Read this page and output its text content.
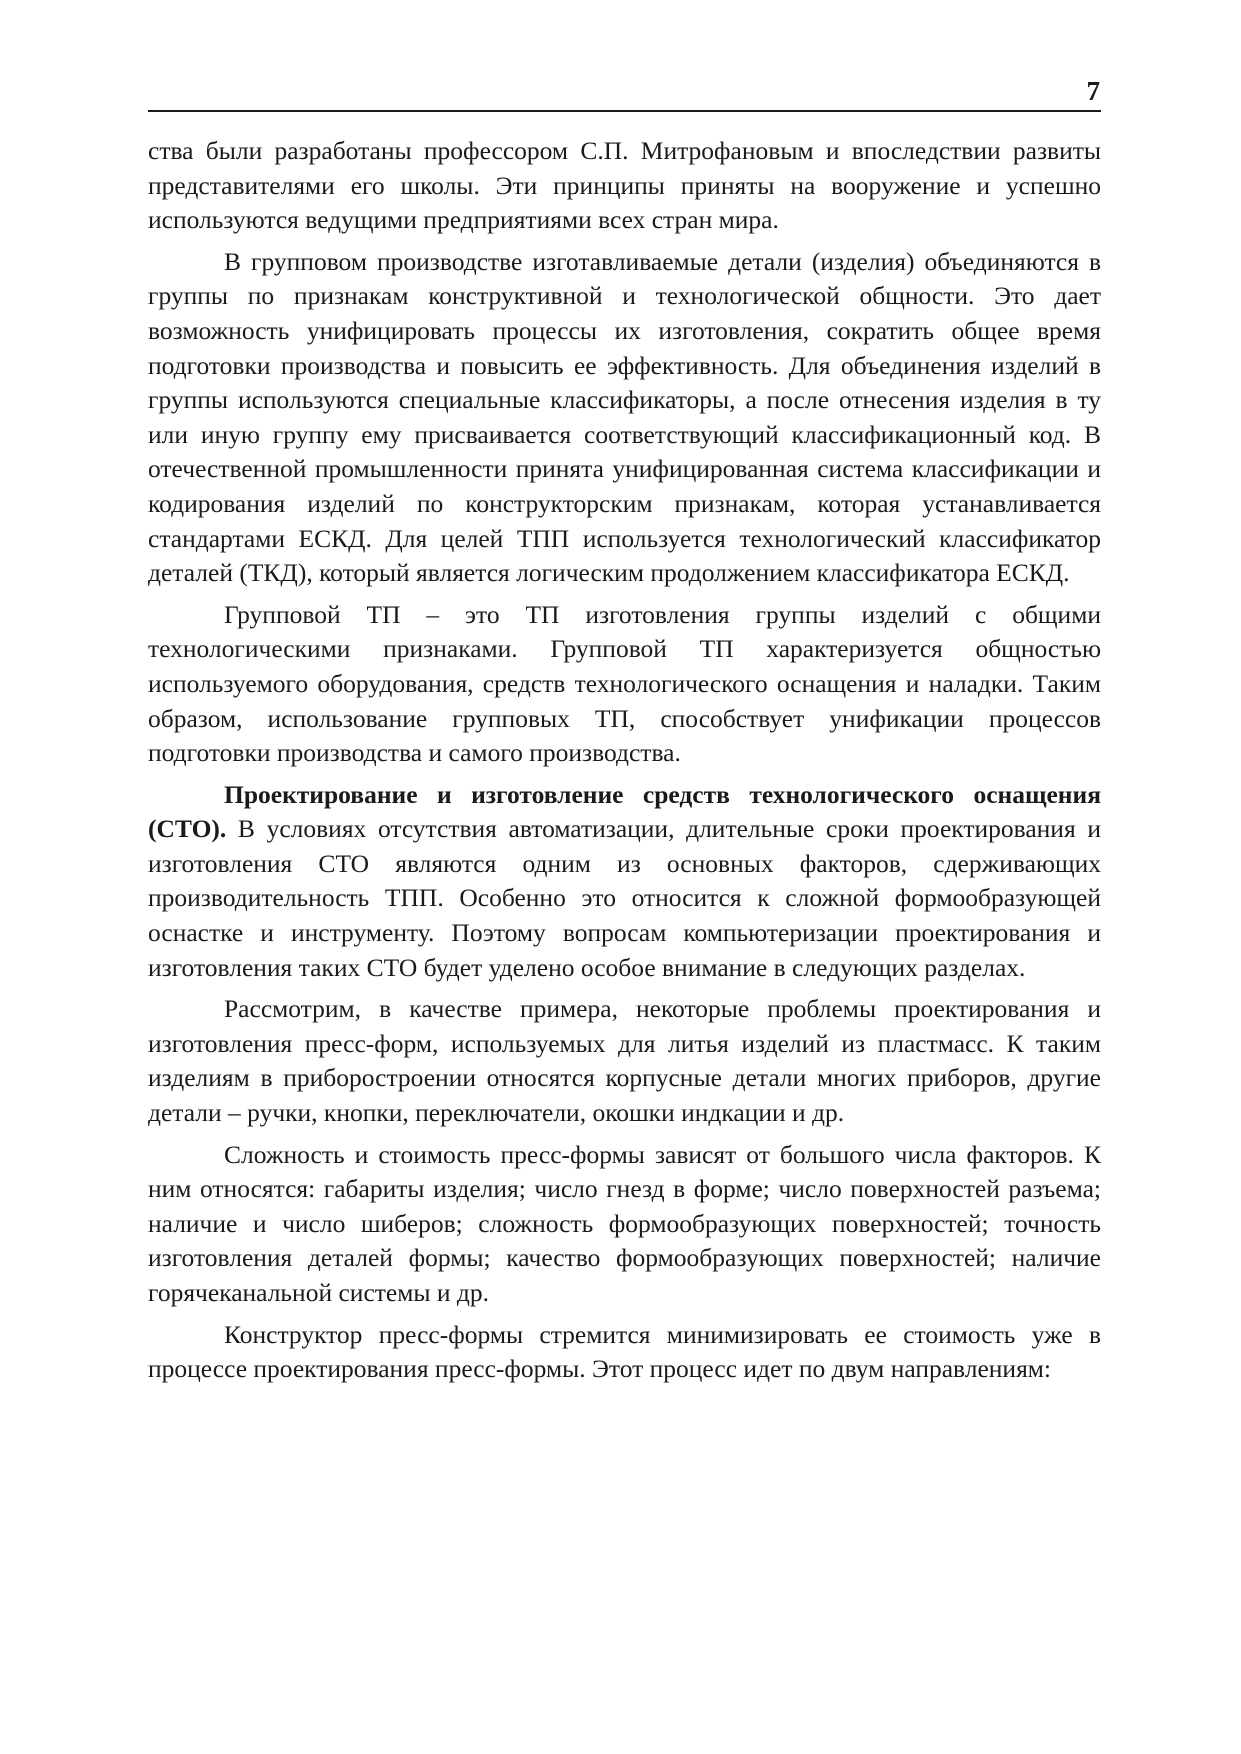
7

ства были разработаны профессором С.П. Митрофановым и впоследствии развиты представителями его школы. Эти принципы приняты на вооружение и успешно используются ведущими предприятиями всех стран мира.

В групповом производстве изготавливаемые детали (изделия) объединяются в группы по признакам конструктивной и технологической общности. Это дает возможность унифицировать процессы их изготовления, сократить общее время подготовки производства и повысить ее эффективность. Для объединения изделий в группы используются специальные классификаторы, а после отнесения изделия в ту или иную группу ему присваивается соответствующий классификационный код. В отечественной промышленности принята унифицированная система классификации и кодирования изделий по конструкторским признакам, которая устанавливается стандартами ЕСКД. Для целей ТПП используется технологический классификатор деталей (ТКД), который является логическим продолжением классификатора ЕСКД.

Групповой ТП – это ТП изготовления группы изделий с общими технологическими признаками. Групповой ТП характеризуется общностью используемого оборудования, средств технологического оснащения и наладки. Таким образом, использование групповых ТП, способствует унификации процессов подготовки производства и самого производства.

Проектирование и изготовление средств технологического оснащения (СТО). В условиях отсутствия автоматизации, длительные сроки проектирования и изготовления СТО являются одним из основных факторов, сдерживающих производительность ТПП. Особенно это относится к сложной формообразующей оснастке и инструменту. Поэтому вопросам компьютеризации проектирования и изготовления таких СТО будет уделено особое внимание в следующих разделах.

Рассмотрим, в качестве примера, некоторые проблемы проектирования и изготовления пресс-форм, используемых для литья изделий из пластмасс. К таким изделиям в приборостроении относятся корпусные детали многих приборов, другие детали – ручки, кнопки, переключатели, окошки индкации и др.

Сложность и стоимость пресс-формы зависят от большого числа факторов. К ним относятся: габариты изделия; число гнезд в форме; число поверхностей разъема; наличие и число шиберов; сложность формообразующих поверхностей; точность изготовления деталей формы; качество формообразующих поверхностей; наличие горячеканальной системы и др.

Конструктор пресс-формы стремится минимизировать ее стоимость уже в процессе проектирования пресс-формы. Этот процесс идет по двум направлениям:
